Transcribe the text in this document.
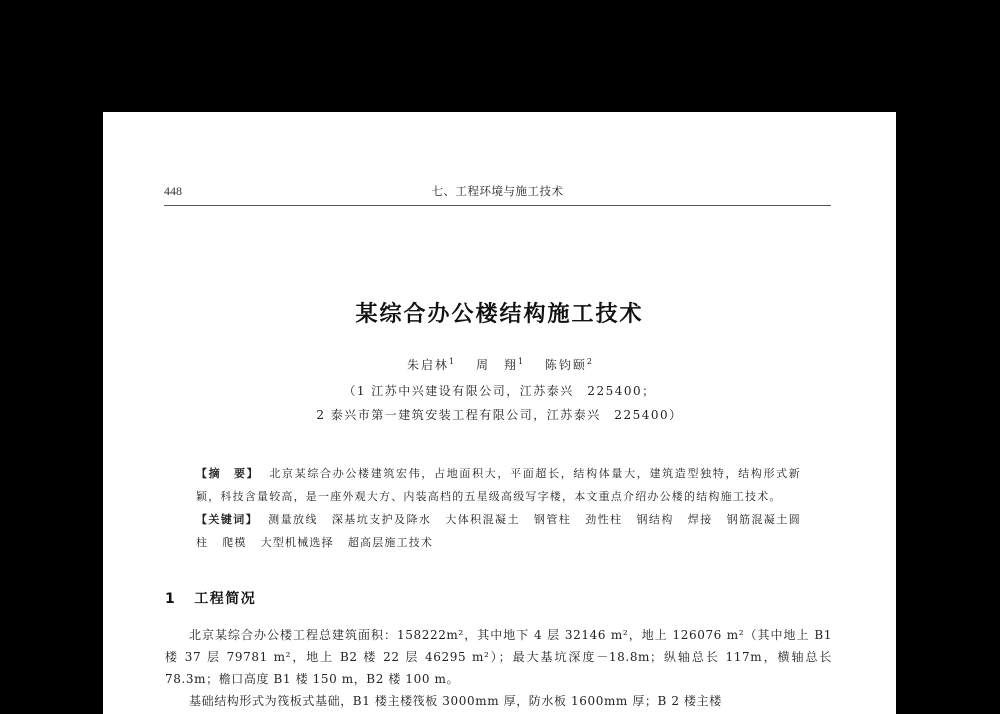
448	七、工程环境与施工技术
某综合办公楼结构施工技术
朱启林$^1$ 周　翔$^1$ 陈钧颐$^2$
（1 江苏中兴建设有限公司，江苏泰兴　225400；
2 泰兴市第一建筑安装工程有限公司，江苏泰兴　225400）

【摘　要】 北京某综合办公楼建筑宏伟，占地面积大，平面超长，结构体量大，建筑造型独特，结构形式新颖，科技含量较高，是一座外观大方、内装高档的五星级高级写字楼，本文重点介绍办公楼的结构施工技术。

【关键词】 测量放线 深基坑支护及降水 大体积混凝土 钢管柱 劲性柱 钢结构 焊接 钢筋混凝土圆柱 爬模 大型机械选择 超高层施工技术

1 工程简况

北京某综合办公楼工程总建筑面积：158222m²，其中地下 4 层 32146 m²，地上 126076 m²（其中地上 B1 楼 37 层 79781 m²，地上 B2 楼 22 层 46295 m²）；最大基坑深度－18.8m；纵轴总长 117m，横轴总长 78.3m；檐口高度 B1 楼 150 m，B2 楼 100 m。

基础结构形式为筏板式基础，B1 楼主楼筏板 3000mm 厚，防水板 1600mm 厚；B 2 楼主楼
